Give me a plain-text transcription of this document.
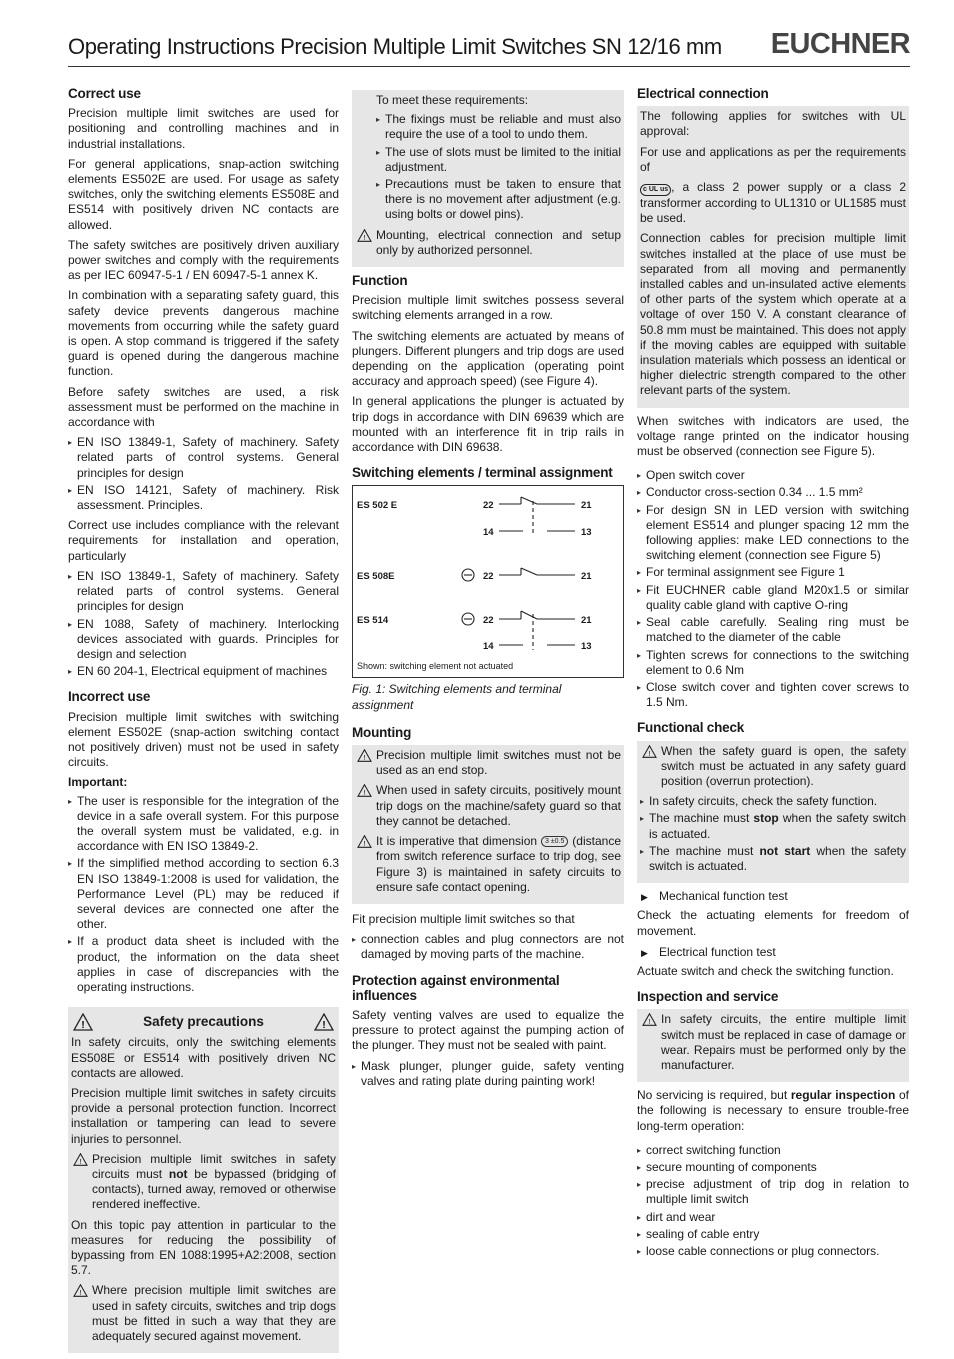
Operating Instructions Precision Multiple Limit Switches SN 12/16 mm EUCHNER
Correct use

Precision multiple limit switches are used for positioning and controlling machines and in industrial installations.

For general applications, snap-action switching elements ES502E are used. For usage as safety switches, only the switching elements ES508E and ES514 with positively driven NC contacts are allowed.

The safety switches are positively driven auxiliary power switches and comply with the requirements as per IEC 60947-5-1 / EN 60947-5-1 annex K.

In combination with a separating safety guard, this safety device prevents dangerous machine movements from occurring while the safety guard is open. A stop command is triggered if the safety guard is opened during the dangerous machine function.

Before safety switches are used, a risk assessment must be performed on the machine in accordance with

▸ EN ISO 13849-1, Safety of machinery. Safety related parts of control systems. General principles for design
▸ EN ISO 14121, Safety of machinery. Risk assessment. Principles.

Correct use includes compliance with the relevant requirements for installation and operation, particularly

▸ EN ISO 13849-1, Safety of machinery. Safety related parts of control systems. General principles for design
▸ EN 1088, Safety of machinery. Interlocking devices associated with guards. Principles for design and selection
▸ EN 60 204-1, Electrical equipment of machines
Incorrect use

Precision multiple limit switches with switching element ES502E (snap-action switching contact not positively driven) must not be used in safety circuits.

Important:
▸ The user is responsible for the integration of the device in a safe overall system. For this purpose the overall system must be validated, e.g. in accordance with EN ISO 13849-2.
▸ If the simplified method according to section 6.3 EN ISO 13849-1:2008 is used for validation, the Performance Level (PL) may be reduced if several devices are connected one after the other.
▸ If a product data sheet is included with the product, the information on the data sheet applies in case of discrepancies with the operating instructions.
!	Safety precautions	!

In safety circuits, only the switching elements ES508E or ES514 with positively driven NC contacts are allowed.

Precision multiple limit switches in safety circuits provide a personal protection function. Incorrect installation or tampering can lead to severe injuries to personnel.

! Precision multiple limit switches in safety circuits must not be bypassed (bridging of contacts), turned away, removed or otherwise rendered ineffective.

On this topic pay attention in particular to the measures for reducing the possibility of bypassing from EN 1088:1995+A2:2008, section 5.7.

! Where precision multiple limit switches are used in safety circuits, switches and trip dogs must be fitted in such a way that they are adequately secured against movement.
To meet these requirements:
▸ The fixings must be reliable and must also require the use of a tool to undo them.
▸ The use of slots must be limited to the initial adjustment.
▸ Precautions must be taken to ensure that there is no movement after adjustment (e.g. using bolts or dowel pins).
! Mounting, electrical connection and setup only by authorized personnel.
Function

Precision multiple limit switches possess several switching elements arranged in a row.

The switching elements are actuated by means of plungers. Different plungers and trip dogs are used depending on the application (operating point accuracy and approach speed) (see Figure 4).

In general applications the plunger is actuated by trip dogs in accordance with DIN 69639 which are mounted with an interference fit in trip rails in accordance with DIN 69638.

Switching elements / terminal assignment
ES 502 E
ES 508E
ES 514
22	21
14	13
22	21
22	21
14	13
Shown: switching element not actuated
Fig. 1: Switching elements and terminal assignment
Mounting
! Precision multiple limit switches must not be used as an end stop.
! When used in safety circuits, positively mount trip dogs on the machine/safety guard so that they cannot be detached.
! It is imperative that dimension 3 ±0.5 (distance from switch reference surface to trip dog, see Figure 3) is maintained in safety circuits to ensure safe contact opening.

Fit precision multiple limit switches so that

▸ connection cables and plug connectors are not damaged by moving parts of the machine.
Protection against environmental influences

Safety venting valves are used to equalize the pressure to protect against the pumping action of the plunger. They must not be sealed with paint.

▸ Mask plunger, plunger guide, safety venting valves and rating plate during painting work!
Electrical connection

The following applies for switches with UL approval:

For use and applications as per the requirements of

c UL us , a class 2 power supply or a class 2 transformer according to UL1310 or UL1585 must be used.

Connection cables for precision multiple limit switches installed at the place of use must be separated from all moving and permanently installed cables and un-insulated active elements of other parts of the system which operate at a voltage of over 150 V. A constant clearance of 50.8 mm must be maintained. This does not apply if the moving cables are equipped with suitable insulation materials which possess an identical or higher dielectric strength compared to the other relevant parts of the system.

When switches with indicators are used, the voltage range printed on the indicator housing must be observed (connection see Figure 5).

▸ Open switch cover
▸ Conductor cross-section 0.34 ... 1.5 mm²
▸ For design SN in LED version with switching element ES514 and plunger spacing 12 mm the following applies: make LED connections to the switching element (connection see Figure 5)
▸ For terminal assignment see Figure 1
▸ Fit EUCHNER cable gland M20x1.5 or similar quality cable gland with captive O-ring
▸ Seal cable carefully. Sealing ring must be matched to the diameter of the cable
▸ Tighten screws for connections to the switching element to 0.6 Nm
▸ Close switch cover and tighten cover screws to 1.5 Nm.
Functional check
! When the safety guard is open, the safety switch must be actuated in any safety guard position (overrun protection).
▸ In safety circuits, check the safety function.
▸ The machine must stop when the safety switch is actuated.
▸ The machine must not start when the safety switch is actuated.
▶ Mechanical function test

Check the actuating elements for freedom of movement.

▶ Electrical function test

Actuate switch and check the switching function.

Inspection and service
! In safety circuits, the entire multiple limit switch must be replaced in case of damage or wear. Repairs must be performed only by the manufacturer.

No servicing is required, but regular inspection of the following is necessary to ensure trouble-free long-term operation:

▸ correct switching function
▸ secure mounting of components
▸ precise adjustment of trip dog in relation to multiple limit switch
▸ dirt and wear
▸ sealing of cable entry
▸ loose cable connections or plug connectors.
